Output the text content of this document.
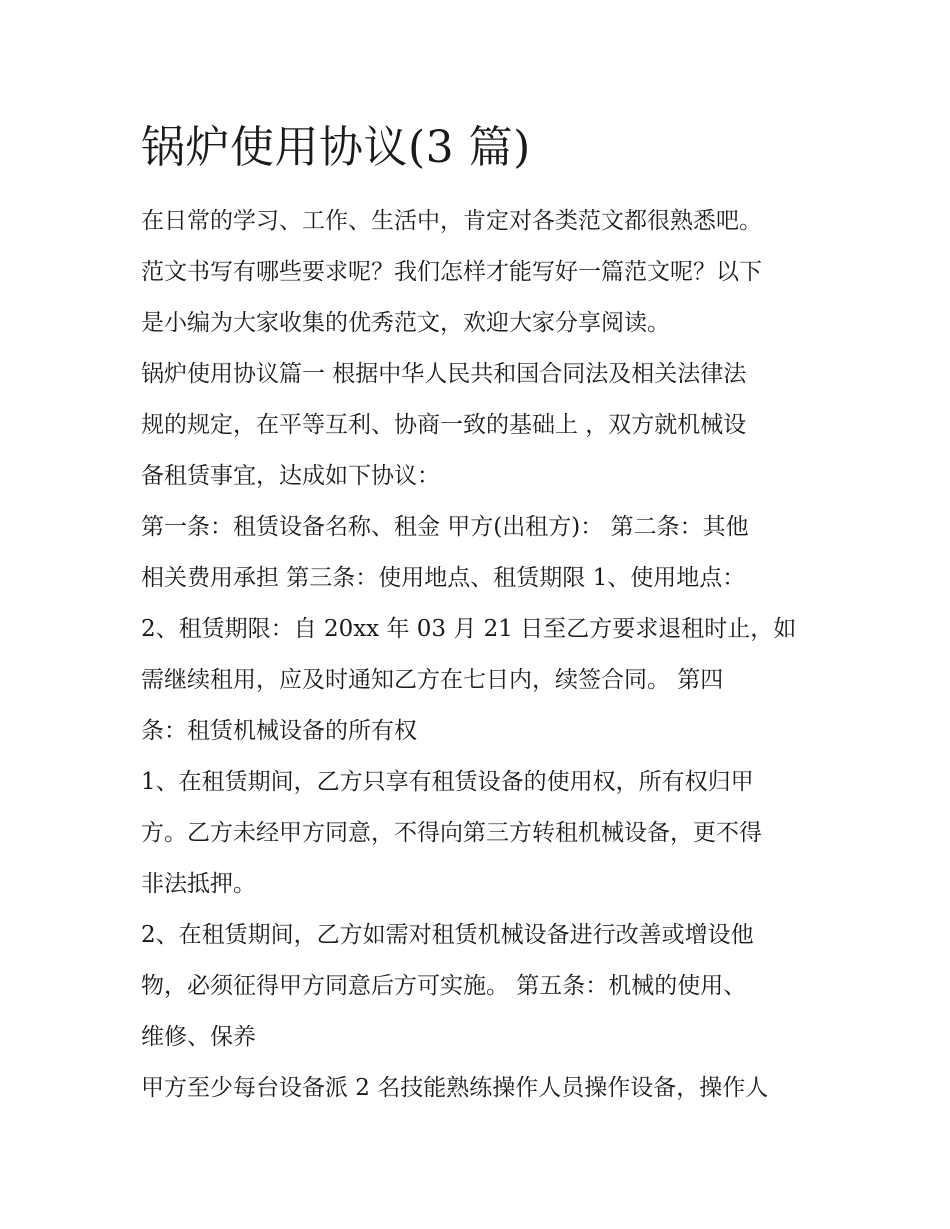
锅炉使用协议(3 篇)

在日常的学习、工作、生活中，肯定对各类范文都很熟悉吧。

范文书写有哪些要求呢？我们怎样才能写好一篇范文呢？以下

是小编为大家收集的优秀范文，欢迎大家分享阅读。

锅炉使用协议篇一 根据中华人民共和国合同法及相关法律法

规的规定，在平等互利、协商一致的基础上 ，双方就机械设

备租赁事宜，达成如下协议：

第一条：租赁设备名称、租金 甲方(出租方)： 第二条：其他

相关费用承担 第三条：使用地点、租赁期限 1、使用地点：

2、租赁期限：自 20xx 年 03 月 21 日至乙方要求退租时止，如

需继续租用，应及时通知乙方在七日内，续签合同。 第四

条：租赁机械设备的所有权

1、在租赁期间，乙方只享有租赁设备的使用权，所有权归甲

方。乙方未经甲方同意，不得向第三方转租机械设备，更不得

非法抵押。

2、在租赁期间，乙方如需对租赁机械设备进行改善或增设他

物，必须征得甲方同意后方可实施。 第五条：机械的使用、

维修、保养

甲方至少每台设备派 2 名技能熟练操作人员操作设备，操作人
